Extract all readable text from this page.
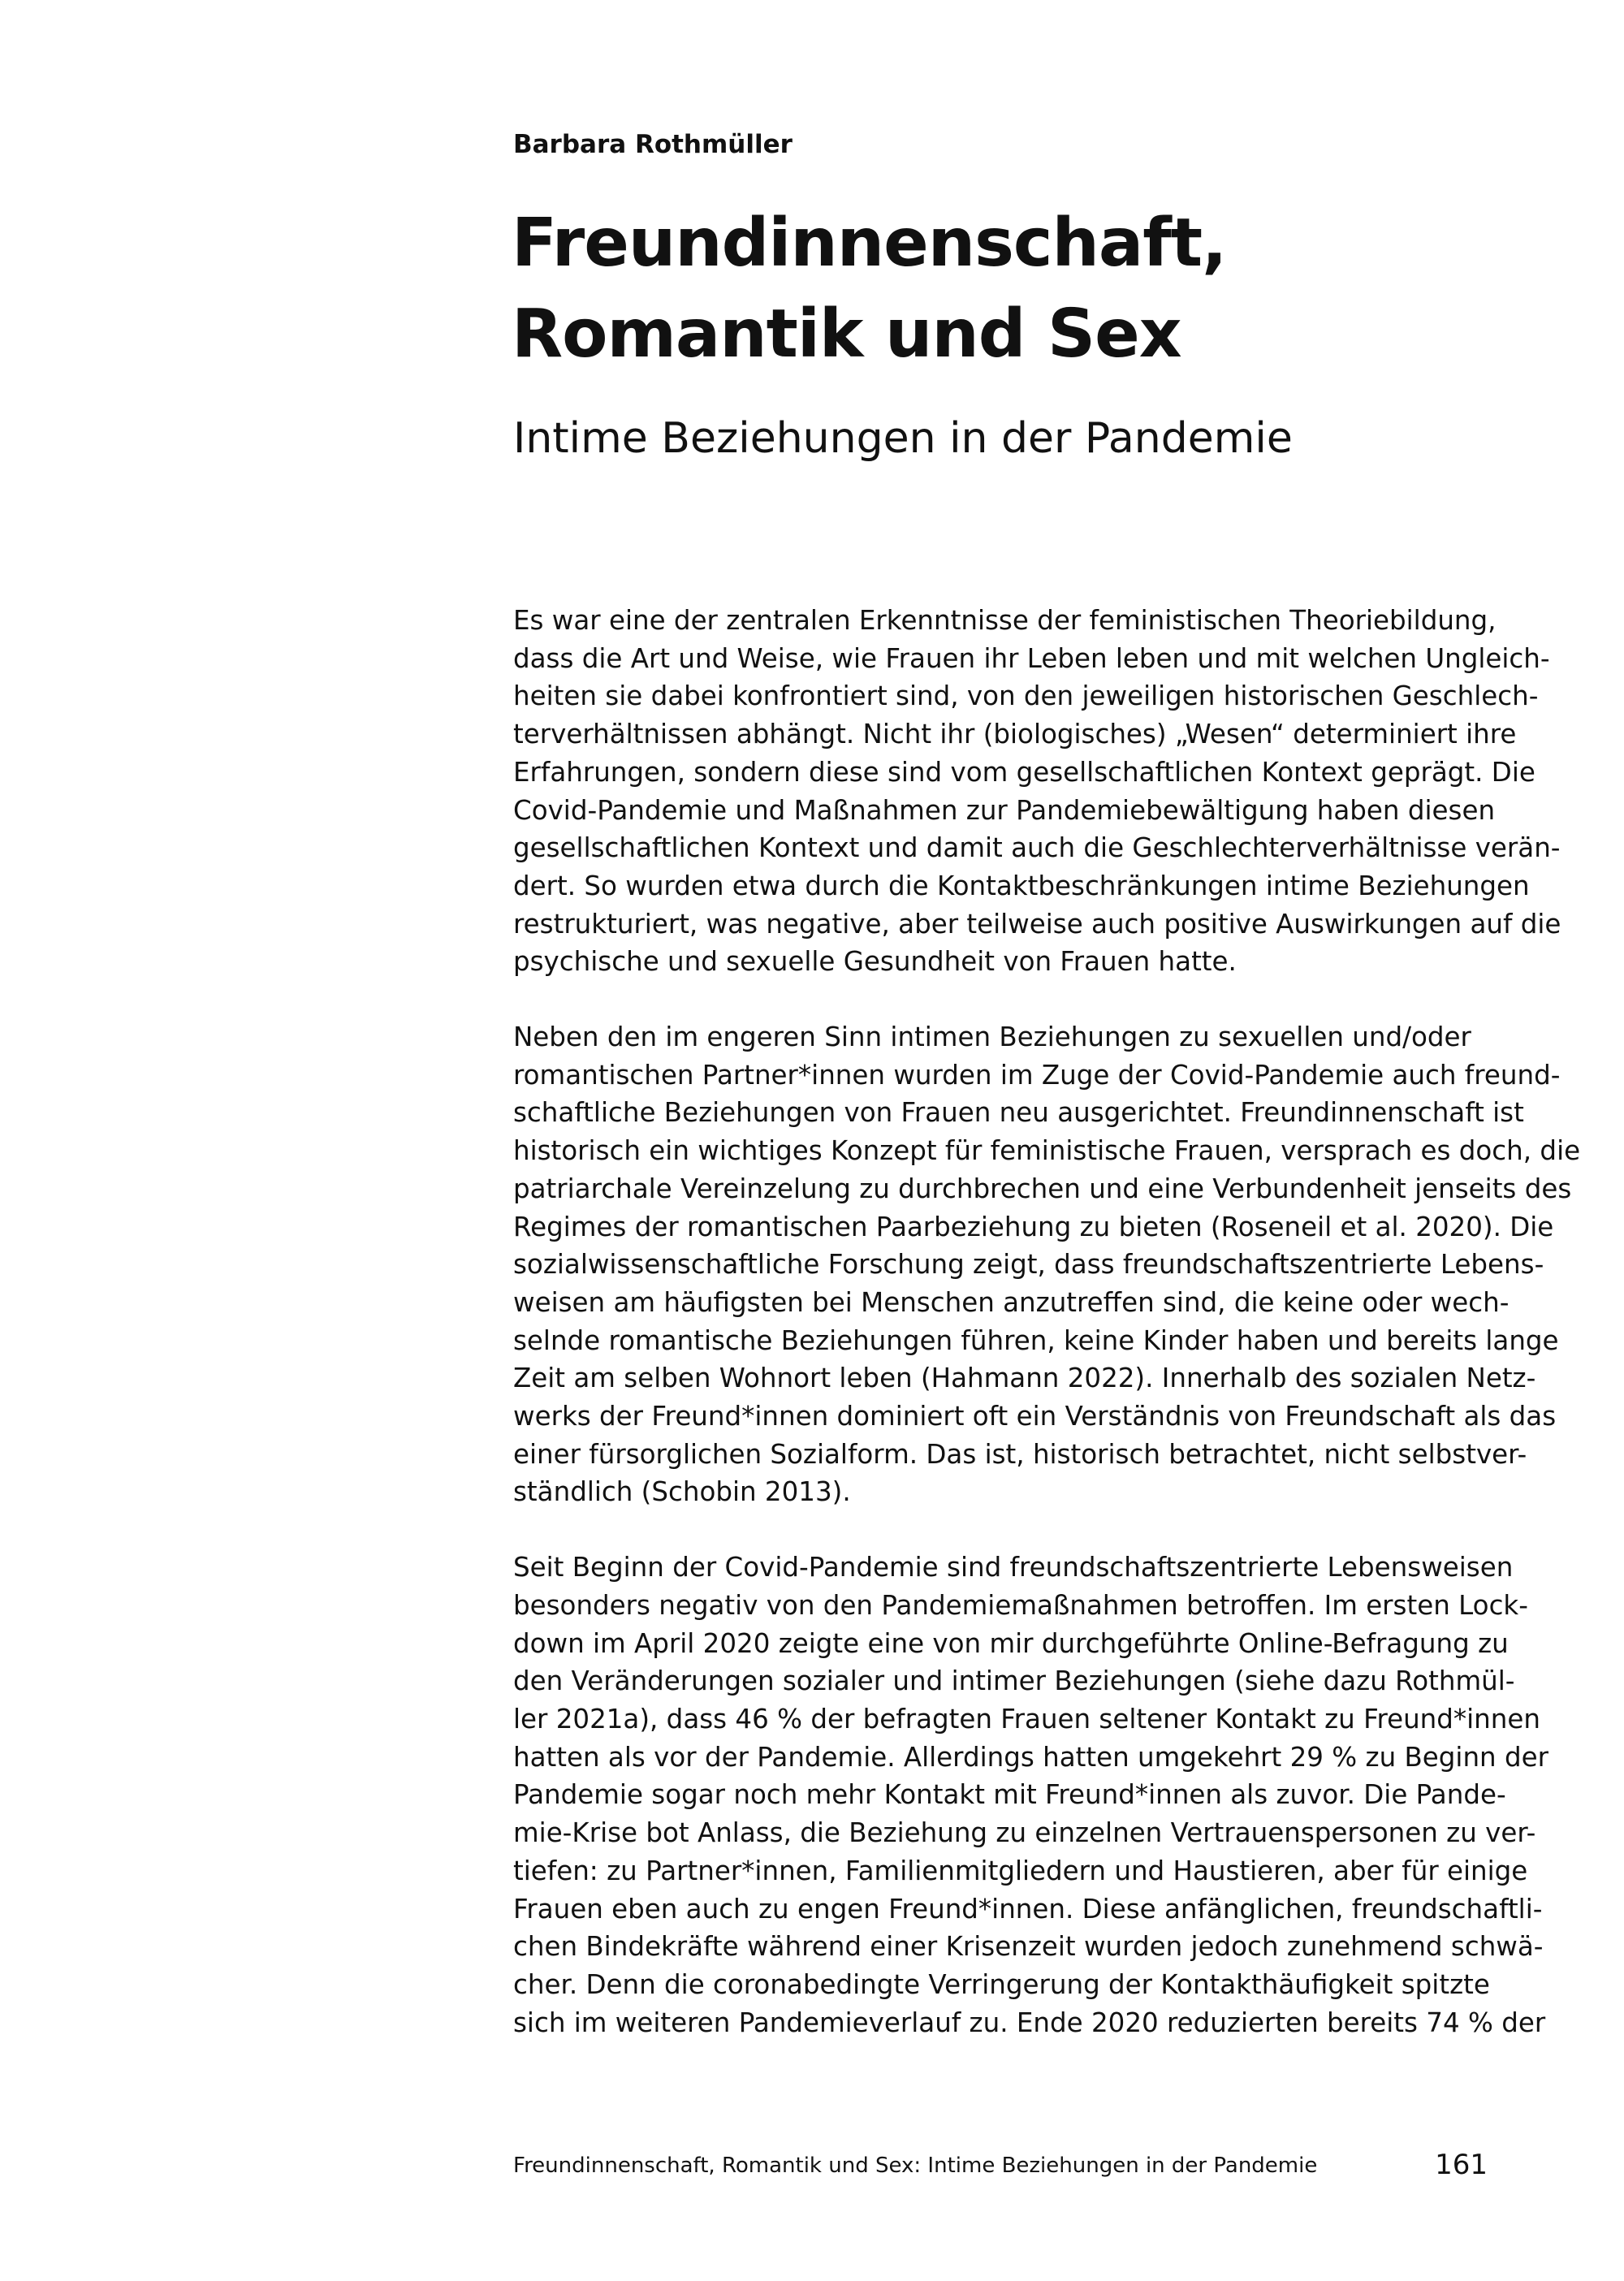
Barbara Rothmüller
Freundinnenschaft,
Romantik und Sex
Intime Beziehungen in der Pandemie

Es war eine der zentralen Erkenntnisse der feministischen Theoriebildung,
dass die Art und Weise, wie Frauen ihr Leben leben und mit welchen Ungleich-
heiten sie dabei konfrontiert sind, von den jeweiligen historischen Geschlech-
terverhältnissen abhängt. Nicht ihr (biologisches) „Wesen“ determiniert ihre
Erfahrungen, sondern diese sind vom gesellschaftlichen Kontext geprägt. Die
Covid-Pandemie und Maßnahmen zur Pandemiebewältigung haben diesen
gesellschaftlichen Kontext und damit auch die Geschlechterverhältnisse verän-
dert. So wurden etwa durch die Kontaktbeschränkungen intime Beziehungen
restrukturiert, was negative, aber teilweise auch positive Auswirkungen auf die
psychische und sexuelle Gesundheit von Frauen hatte.

Neben den im engeren Sinn intimen Beziehungen zu sexuellen und/oder
romantischen Partner*innen wurden im Zuge der Covid-Pandemie auch freund-
schaftliche Beziehungen von Frauen neu ausgerichtet. Freundinnenschaft ist
historisch ein wichtiges Konzept für feministische Frauen, versprach es doch, die
patriarchale Vereinzelung zu durchbrechen und eine Verbundenheit jenseits des
Regimes der romantischen Paarbeziehung zu bieten (Roseneil et al. 2020). Die
sozialwissenschaftliche Forschung zeigt, dass freundschaftszentrierte Lebens-
weisen am häufigsten bei Menschen anzutreffen sind, die keine oder wech-
selnde romantische Beziehungen führen, keine Kinder haben und bereits lange
Zeit am selben Wohnort leben (Hahmann 2022). Innerhalb des sozialen Netz-
werks der Freund*innen dominiert oft ein Verständnis von Freundschaft als das
einer fürsorglichen Sozialform. Das ist, historisch betrachtet, nicht selbstver-
ständlich (Schobin 2013).

Seit Beginn der Covid-Pandemie sind freundschaftszentrierte Lebensweisen
besonders negativ von den Pandemiemaßnahmen betroffen. Im ersten Lock-
down im April 2020 zeigte eine von mir durchgeführte Online-Befragung zu
den Veränderungen sozialer und intimer Beziehungen (siehe dazu Rothmül-
ler 2021a), dass 46 % der befragten Frauen seltener Kontakt zu Freund*innen
hatten als vor der Pandemie. Allerdings hatten umgekehrt 29 % zu Beginn der
Pandemie sogar noch mehr Kontakt mit Freund*innen als zuvor. Die Pande-
mie-Krise bot Anlass, die Beziehung zu einzelnen Vertrauenspersonen zu ver-
tiefen: zu Partner*innen, Familienmitgliedern und Haustieren, aber für einige
Frauen eben auch zu engen Freund*innen. Diese anfänglichen, freundschaftli-
chen Bindekräfte während einer Krisenzeit wurden jedoch zunehmend schwä-
cher. Denn die coronabedingte Verringerung der Kontakthäufigkeit spitzte
sich im weiteren Pandemieverlauf zu. Ende 2020 reduzierten bereits 74 % der

Freundinnenschaft, Romantik und Sex: Intime Beziehungen in der Pandemie	161
